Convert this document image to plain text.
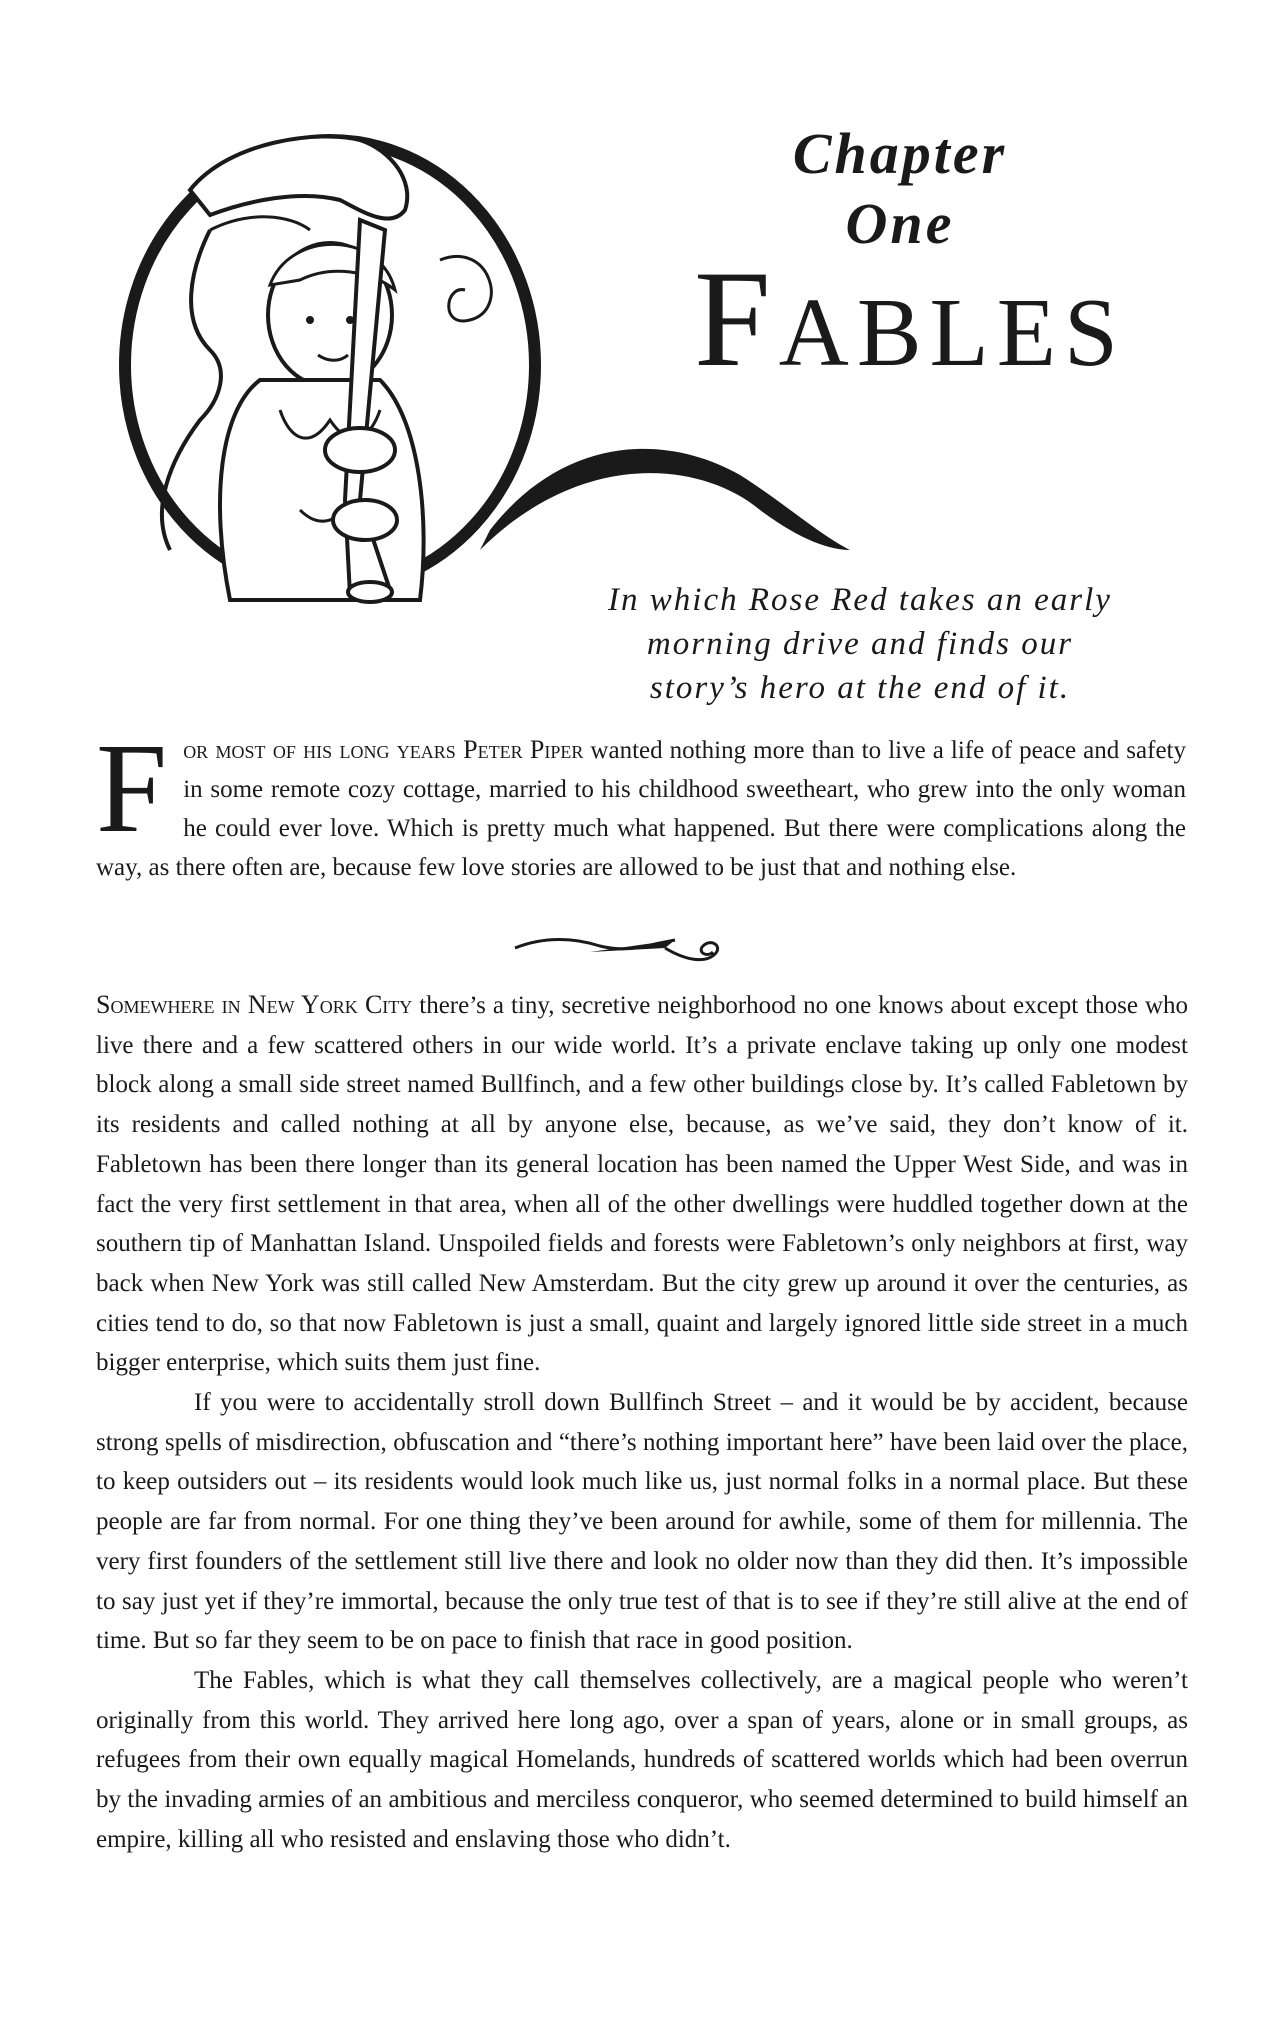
Chapter
One
Fables
In which Rose Red takes an early
morning drive and finds our
story’s hero at the end of it.

For most of his long years Peter Piper wanted nothing more than to live a life of peace and safety in some remote cozy cottage, married to his childhood sweetheart, who grew into the only woman he could ever love. Which is pretty much what happened. But there were complications along the way, as there often are, because few love stories are allowed to be just that and nothing else.

Somewhere in New York City there’s a tiny, secretive neighborhood no one knows about except those who live there and a few scattered others in our wide world. It’s a private enclave taking up only one modest block along a small side street named Bullfinch, and a few other buildings close by. It’s called Fabletown by its residents and called nothing at all by anyone else, because, as we’ve said, they don’t know of it. Fabletown has been there longer than its general location has been named the Upper West Side, and was in fact the very first settlement in that area, when all of the other dwellings were huddled together down at the southern tip of Manhattan Island. Unspoiled fields and forests were Fabletown’s only neighbors at first, way back when New York was still called New Amsterdam. But the city grew up around it over the centuries, as cities tend to do, so that now Fabletown is just a small, quaint and largely ignored little side street in a much bigger enterprise, which suits them just fine.

If you were to accidentally stroll down Bullfinch Street – and it would be by accident, because strong spells of misdirection, obfuscation and “there’s nothing important here” have been laid over the place, to keep outsiders out – its residents would look much like us, just normal folks in a normal place. But these people are far from normal. For one thing they’ve been around for awhile, some of them for millennia. The very first founders of the settlement still live there and look no older now than they did then. It’s impossible to say just yet if they’re immortal, because the only true test of that is to see if they’re still alive at the end of time. But so far they seem to be on pace to finish that race in good position.

The Fables, which is what they call themselves collectively, are a magical people who weren’t originally from this world. They arrived here long ago, over a span of years, alone or in small groups, as refugees from their own equally magical Homelands, hundreds of scattered worlds which had been overrun by the invading armies of an ambitious and merciless conqueror, who seemed determined to build himself an empire, killing all who resisted and enslaving those who didn’t.
